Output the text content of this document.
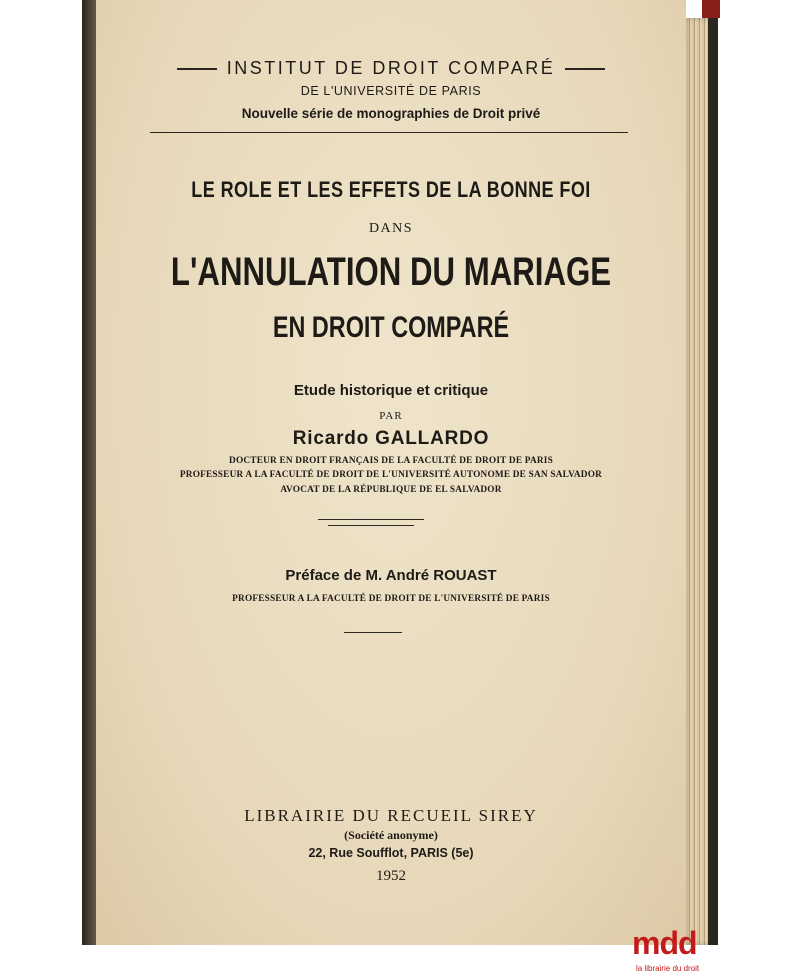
INSTITUT DE DROIT COMPARÉ
DE L'UNIVERSITÉ DE PARIS
Nouvelle série de monographies de Droit privé
LE ROLE ET LES EFFETS DE LA BONNE FOI
DANS
L'ANNULATION DU MARIAGE
EN DROIT COMPARÉ
Etude historique et critique
PAR
Ricardo GALLARDO
DOCTEUR EN DROIT FRANÇAIS DE LA FACULTÉ DE DROIT DE PARIS
PROFESSEUR A LA FACULTÉ DE DROIT DE L'UNIVERSITÉ AUTONOME DE SAN SALVADOR
AVOCAT DE LA RÉPUBLIQUE DE EL SALVADOR
Préface de M. André ROUAST
PROFESSEUR A LA FACULTÉ DE DROIT DE L'UNIVERSITÉ DE PARIS
LIBRAIRIE DU RECUEIL SIREY
(Société anonyme)
22, Rue Soufflot, PARIS (5e)
1952
mdd
la librairie du droit
